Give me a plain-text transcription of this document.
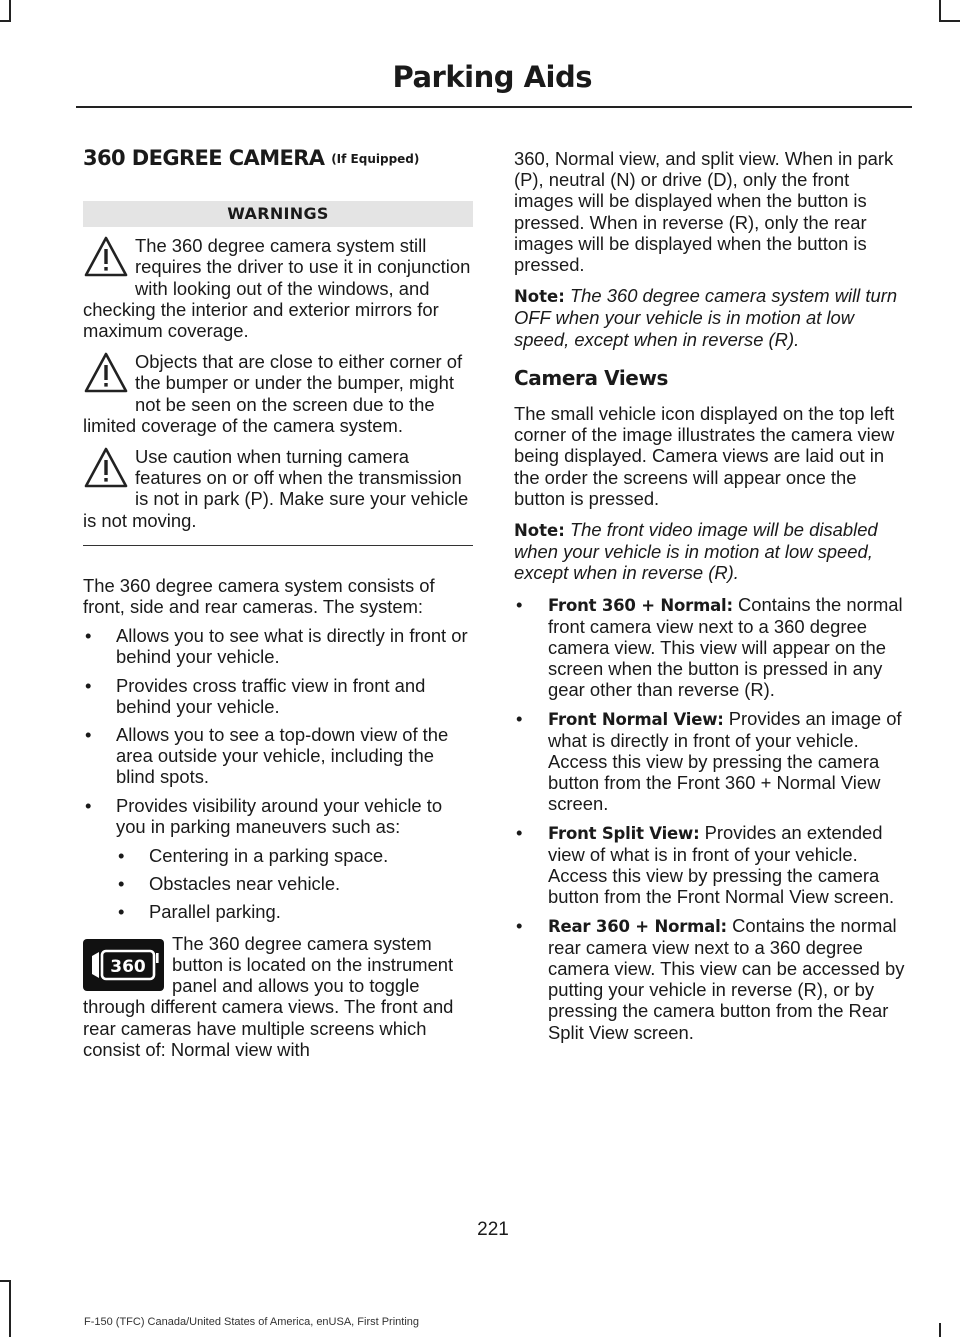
Parking Aids
360 DEGREE CAMERA (If Equipped)
WARNINGS

The 360 degree camera system still requires the driver to use it in conjunction with looking out of the windows, and checking the interior and exterior mirrors for maximum coverage.

Objects that are close to either corner of the bumper or under the bumper, might not be seen on the screen due to the limited coverage of the camera system.

Use caution when turning camera features on or off when the transmission is not in park (P). Make sure your vehicle is not moving.

The 360 degree camera system consists of front, side and rear cameras. The system:

• Allows you to see what is directly in front or behind your vehicle.
• Provides cross traffic view in front and behind your vehicle.
• Allows you to see a top-down view of the area outside your vehicle, including the blind spots.
• Provides visibility around your vehicle to you in parking maneuvers such as:
• Centering in a parking space.
• Obstacles near vehicle.
• Parallel parking.
360

The 360 degree camera system button is located on the instrument panel and allows you to toggle through different camera views. The front and rear cameras have multiple screens which consist of: Normal view with

360, Normal view, and split view. When in park (P), neutral (N) or drive (D), only the front images will be displayed when the button is pressed. When in reverse (R), only the rear images will be displayed when the button is pressed.

Note: The 360 degree camera system will turn OFF when your vehicle is in motion at low speed, except when in reverse (R).

Camera Views

The small vehicle icon displayed on the top left corner of the image illustrates the camera view being displayed. Camera views are laid out in the order the screens will appear once the button is pressed.

Note: The front video image will be disabled when your vehicle is in motion at low speed, except when in reverse (R).

• Front 360 + Normal: Contains the normal front camera view next to a 360 degree camera view. This view will appear on the screen when the button is pressed in any gear other than reverse (R).
• Front Normal View: Provides an image of what is directly in front of your vehicle. Access this view by pressing the camera button from the Front 360 + Normal View screen.
• Front Split View: Provides an extended view of what is in front of your vehicle. Access this view by pressing the camera button from the Front Normal View screen.
• Rear 360 + Normal: Contains the normal rear camera view next to a 360 degree camera view. This view can be accessed by putting your vehicle in reverse (R), or by pressing the camera button from the Rear Split View screen.
221
F-150 (TFC) Canada/United States of America, enUSA, First Printing
